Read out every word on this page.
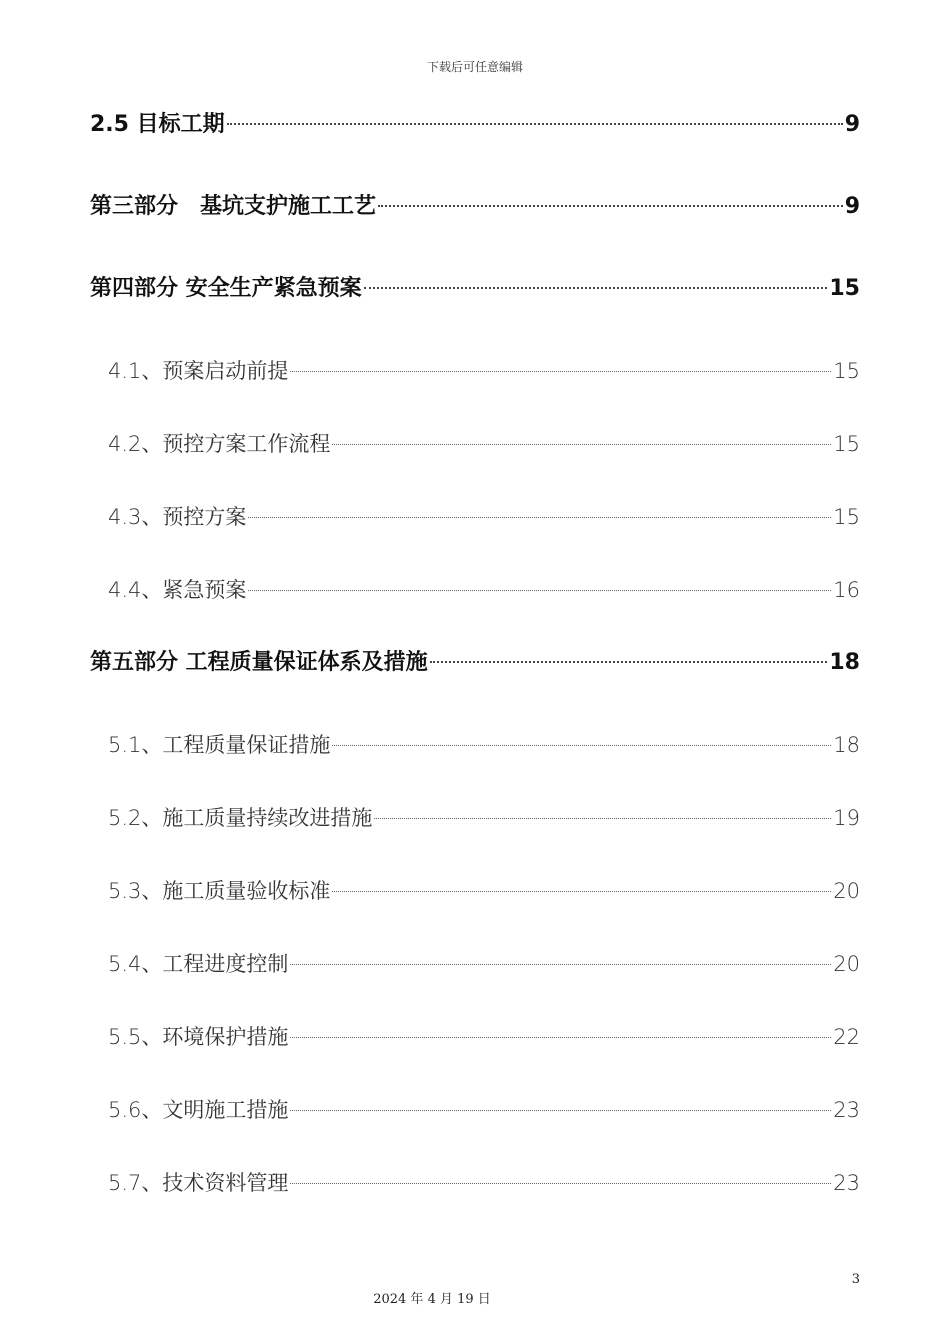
下载后可任意编辑
2.5 目标工期	9
第三部分　基坑支护施工工艺	9
第四部分 安全生产紧急预案	15
4.1、预案启动前提	15
4.2、预控方案工作流程	15
4.3、预控方案	15
4.4、紧急预案	16
第五部分 工程质量保证体系及措施	18
5.1、工程质量保证措施	18
5.2、施工质量持续改进措施	19
5.3、施工质量验收标准	20
5.4、工程进度控制	20
5.5、环境保护措施	22
5.6、文明施工措施	23
5.7、技术资料管理	23
3
2024 年 4 月 19 日
